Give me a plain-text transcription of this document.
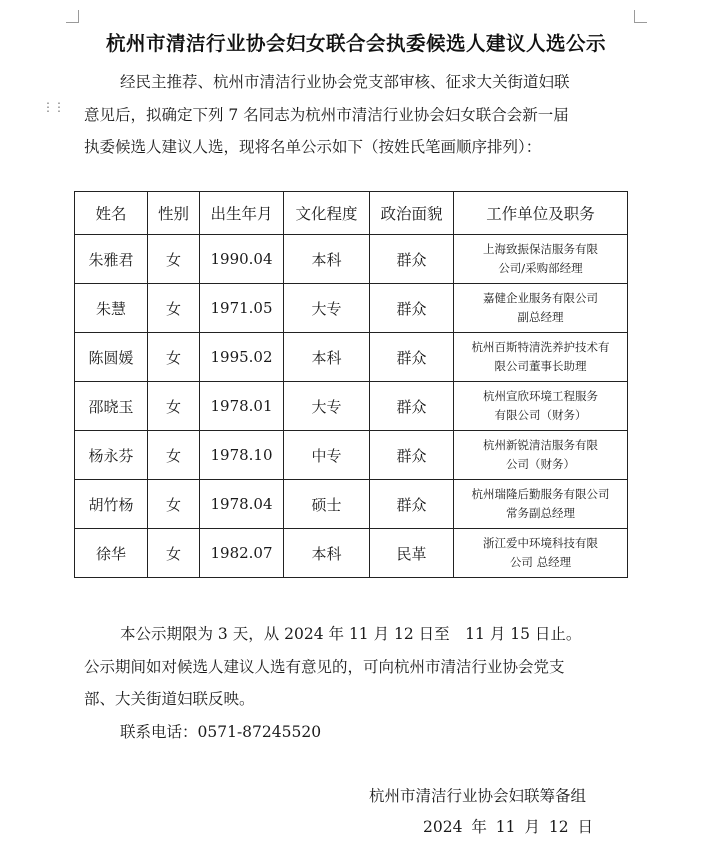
⋮⋮
杭州市清洁行业协会妇女联合会执委候选人建议人选公示

经民主推荐、杭州市清洁行业协会党支部审核、征求大关街道妇联

意见后，拟确定下列 7 名同志为杭州市清洁行业协会妇女联合会新一届

执委候选人建议人选，现将名单公示如下（按姓氏笔画顺序排列）：

姓名	性别	出生年月	文化程度	政治面貌	工作单位及职务
朱雅君	女	1990.04	本科	群众	上海致振保洁服务有限
公司/采购部经理

朱慧	女	1971.05	大专	群众	嘉健企业服务有限公司
副总经理

陈圆媛	女	1995.02	本科	群众	杭州百斯特清洗养护技术有
限公司董事长助理

邵晓玉	女	1978.01	大专	群众	杭州宣欣环境工程服务
有限公司（财务）

杨永芬	女	1978.10	中专	群众	杭州新锐清洁服务有限
公司（财务）

胡竹杨	女	1978.04	硕士	群众	杭州瑞隆后勤服务有限公司
常务副总经理

徐华	女	1982.07	本科	民革	浙江爱中环境科技有限
公司 总经理

本公示期限为 3 天，从 2024 年 11 月 12 日至　11 月 15 日止。

公示期间如对候选人建议人选有意见的，可向杭州市清洁行业协会党支

部、大关街道妇联反映。

联系电话：0571-87245520

杭州市清洁行业协会妇联筹备组
2024 年 11 月 12 日
